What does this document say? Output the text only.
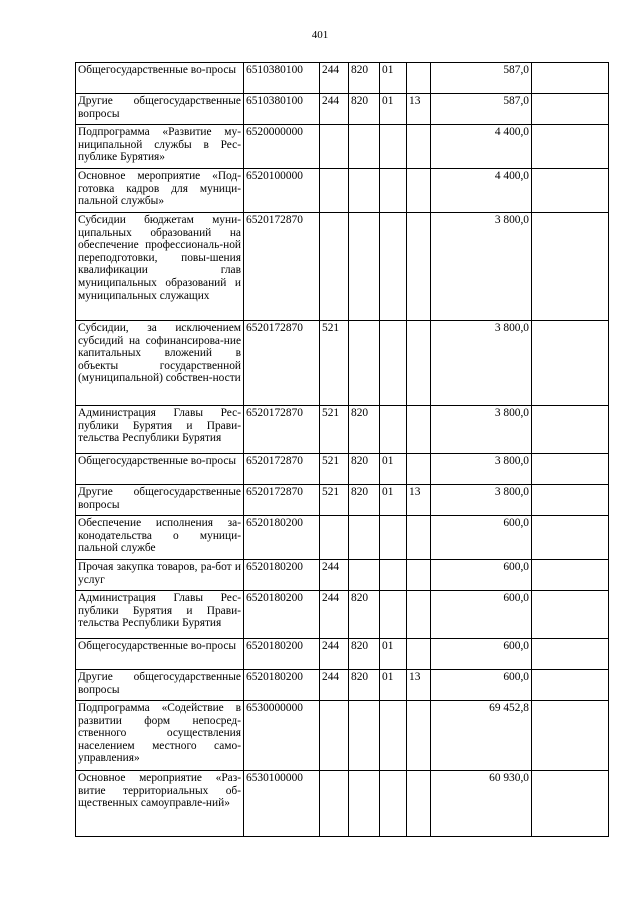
401
Общегосударственные во-просы	6510380100	244	820	01		587,0	
Другие общегосударственные вопросы	6510380100	244	820	01	13	587,0	
Подпрограмма «Развитие му-ниципальной службы в Рес-публике Бурятия»	6520000000					4 400,0	
Основное мероприятие «Под-готовка кадров для муници-пальной службы»	6520100000					4 400,0	
Субсидии бюджетам муни-ципальных образований на обеспечение профессиональ-ной переподготовки, повы-шения квалификации глав муниципальных образований и муниципальных служащих	6520172870					3 800,0	
Субсидии, за исключением субсидий на софинансирова-ние капитальных вложений в объекты государственной (муниципальной) собствен-ности	6520172870	521				3 800,0	
Администрация Главы Рес-публики Бурятия и Прави-тельства Республики Бурятия	6520172870	521	820			3 800,0	
Общегосударственные во-просы	6520172870	521	820	01		3 800,0	
Другие общегосударственные вопросы	6520172870	521	820	01	13	3 800,0	
Обеспечение исполнения за-конодательства о муници-пальной службе	6520180200					600,0	
Прочая закупка товаров, ра-бот и услуг	6520180200	244				600,0	
Администрация Главы Рес-публики Бурятия и Прави-тельства Республики Бурятия	6520180200	244	820			600,0	
Общегосударственные во-просы	6520180200	244	820	01		600,0	
Другие общегосударственные вопросы	6520180200	244	820	01	13	600,0	
Подпрограмма «Содействие в развитии форм непосред-ственного осуществления населением местного само-управления»	6530000000					69 452,8	
Основное мероприятие «Раз-витие территориальных об-щественных самоуправле-ний»	6530100000					60 930,0	
